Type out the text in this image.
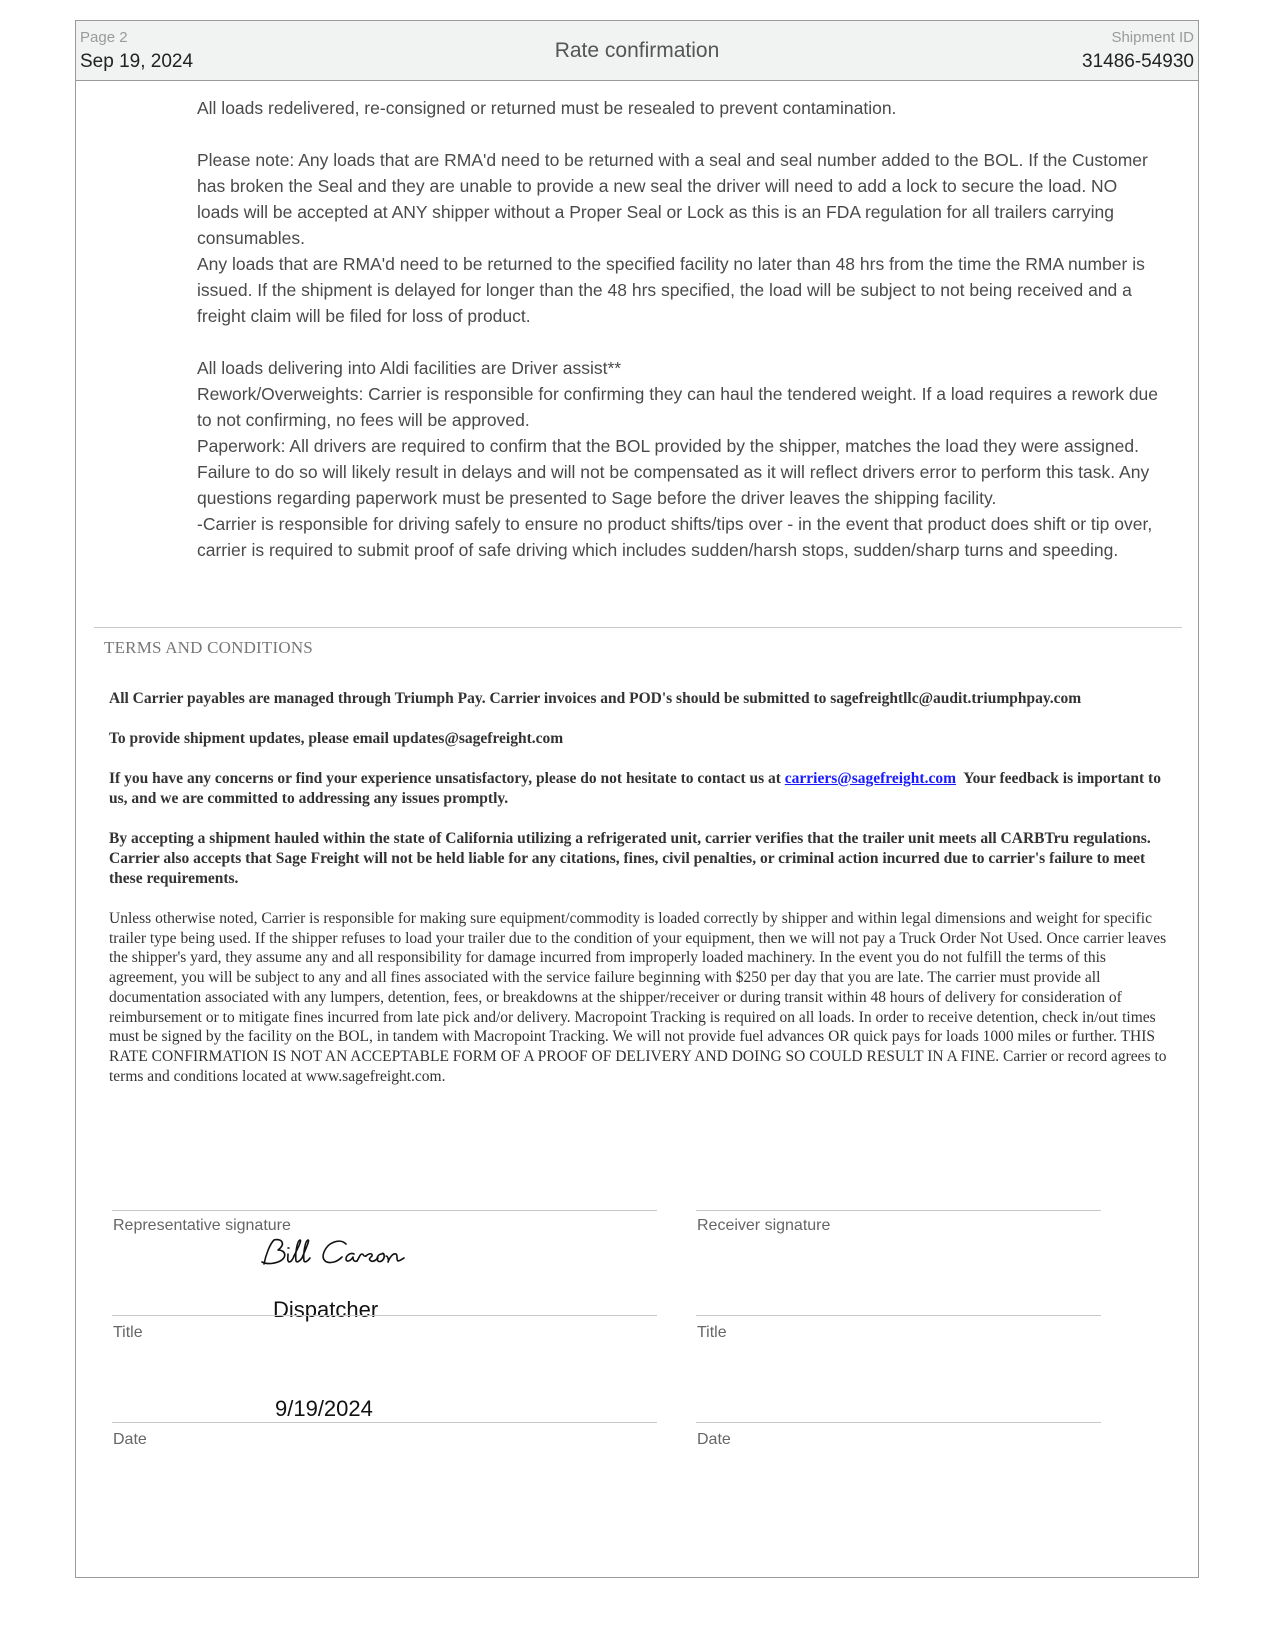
Page 2
Sep 19, 2024	Rate confirmation
Shipment ID
31486-54930

All loads redelivered, re-consigned or returned must be resealed to prevent contamination.

Please note: Any loads that are RMA'd need to be returned with a seal and seal number added to the BOL. If the Customer has broken the Seal and they are unable to provide a new seal the driver will need to add a lock to secure the load. NO loads will be accepted at ANY shipper without a Proper Seal or Lock as this is an FDA regulation for all trailers carrying consumables.

Any loads that are RMA'd need to be returned to the specified facility no later than 48 hrs from the time the RMA number is issued. If the shipment is delayed for longer than the 48 hrs specified, the load will be subject to not being received and a freight claim will be filed for loss of product.

All loads delivering into Aldi facilities are Driver assist**

Rework/Overweights: Carrier is responsible for confirming they can haul the tendered weight. If a load requires a rework due to not confirming, no fees will be approved.

Paperwork: All drivers are required to confirm that the BOL provided by the shipper, matches the load they were assigned. Failure to do so will likely result in delays and will not be compensated as it will reflect drivers error to perform this task. Any questions regarding paperwork must be presented to Sage before the driver leaves the shipping facility.

-Carrier is responsible for driving safely to ensure no product shifts/tips over - in the event that product does shift or tip over, carrier is required to submit proof of safe driving which includes sudden/harsh stops, sudden/sharp turns and speeding.

TERMS AND CONDITIONS

All Carrier payables are managed through Triumph Pay. Carrier invoices and POD's should be submitted to sagefreightllc@audit.triumphpay.com

To provide shipment updates, please email updates@sagefreight.com

If you have any concerns or find your experience unsatisfactory, please do not hesitate to contact us at carriers@sagefreight.com  Your feedback is important to us, and we are committed to addressing any issues promptly.

By accepting a shipment hauled within the state of California utilizing a refrigerated unit, carrier verifies that the trailer unit meets all CARBTru regulations. Carrier also accepts that Sage Freight will not be held liable for any citations, fines, civil penalties, or criminal action incurred due to carrier's failure to meet these requirements.

Unless otherwise noted, Carrier is responsible for making sure equipment/commodity is loaded correctly by shipper and within legal dimensions and weight for specific trailer type being used. If the shipper refuses to load your trailer due to the condition of your equipment, then we will not pay a Truck Order Not Used. Once carrier leaves the shipper's yard, they assume any and all responsibility for damage incurred from improperly loaded machinery. In the event you do not fulfill the terms of this agreement, you will be subject to any and all fines associated with the service failure beginning with $250 per day that you are late. The carrier must provide all documentation associated with any lumpers, detention, fees, or breakdowns at the shipper/receiver or during transit within 48 hours of delivery for consideration of reimbursement or to mitigate fines incurred from late pick and/or delivery. Macropoint Tracking is required on all loads. In order to receive detention, check in/out times must be signed by the facility on the BOL, in tandem with Macropoint Tracking. We will not provide fuel advances OR quick pays for loads 1000 miles or further. THIS RATE CONFIRMATION IS NOT AN ACCEPTABLE FORM OF A PROOF OF DELIVERY AND DOING SO COULD RESULT IN A FINE. Carrier or record agrees to terms and conditions located at www.sagefreight.com.

Representative signature
Dispatcher
Title
9/19/2024
Date
Receiver signature
Title
Date
